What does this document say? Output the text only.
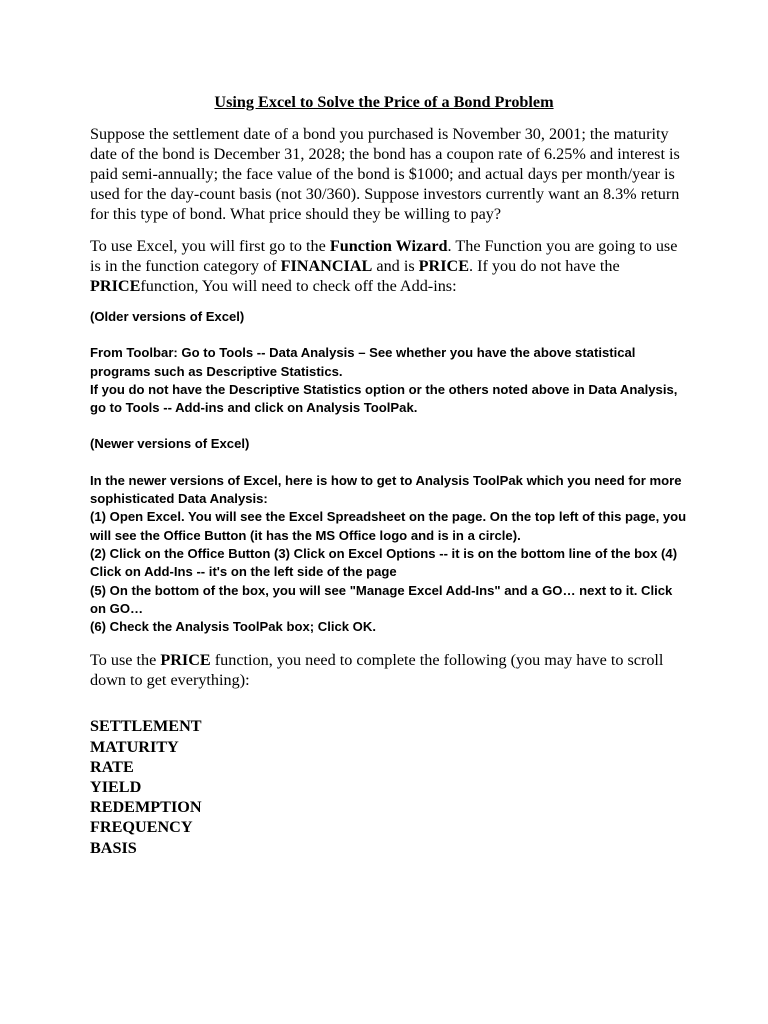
Using Excel to Solve the Price of a Bond Problem

Suppose the settlement date of a bond you purchased is November 30, 2001; the maturity date of the bond is December 31, 2028; the bond has a coupon rate of 6.25% and interest is paid semi-annually; the face value of the bond is $1000; and actual days per month/year is used for the day-count basis (not 30/360). Suppose investors currently want an 8.3% return for this type of bond. What price should they be willing to pay?

To use Excel, you will first go to the Function Wizard. The Function you are going to use is in the function category of FINANCIAL and is PRICE. If you do not have the PRICEfunction, You will need to check off the Add-ins:

(Older versions of Excel)

From Toolbar: Go to Tools -- Data Analysis – See whether you have the above statistical programs such as Descriptive Statistics.
If you do not have the Descriptive Statistics option or the others noted above in Data Analysis, go to Tools -- Add-ins and click on Analysis ToolPak.

(Newer versions of Excel)

In the newer versions of Excel, here is how to get to Analysis ToolPak which you need for more sophisticated Data Analysis:
(1) Open Excel. You will see the Excel Spreadsheet on the page. On the top left of this page, you will see the Office Button (it has the MS Office logo and is in a circle).
(2) Click on the Office Button (3) Click on Excel Options -- it is on the bottom line of the box (4) Click on Add-Ins -- it's on the left side of the page
(5) On the bottom of the box, you will see "Manage Excel Add-Ins" and a GO… next to it. Click on GO…
(6) Check the Analysis ToolPak box; Click OK.

To use the PRICE function, you need to complete the following (you may have to scroll down to get everything):

SETTLEMENT
MATURITY
RATE
YIELD
REDEMPTION
FREQUENCY
BASIS
